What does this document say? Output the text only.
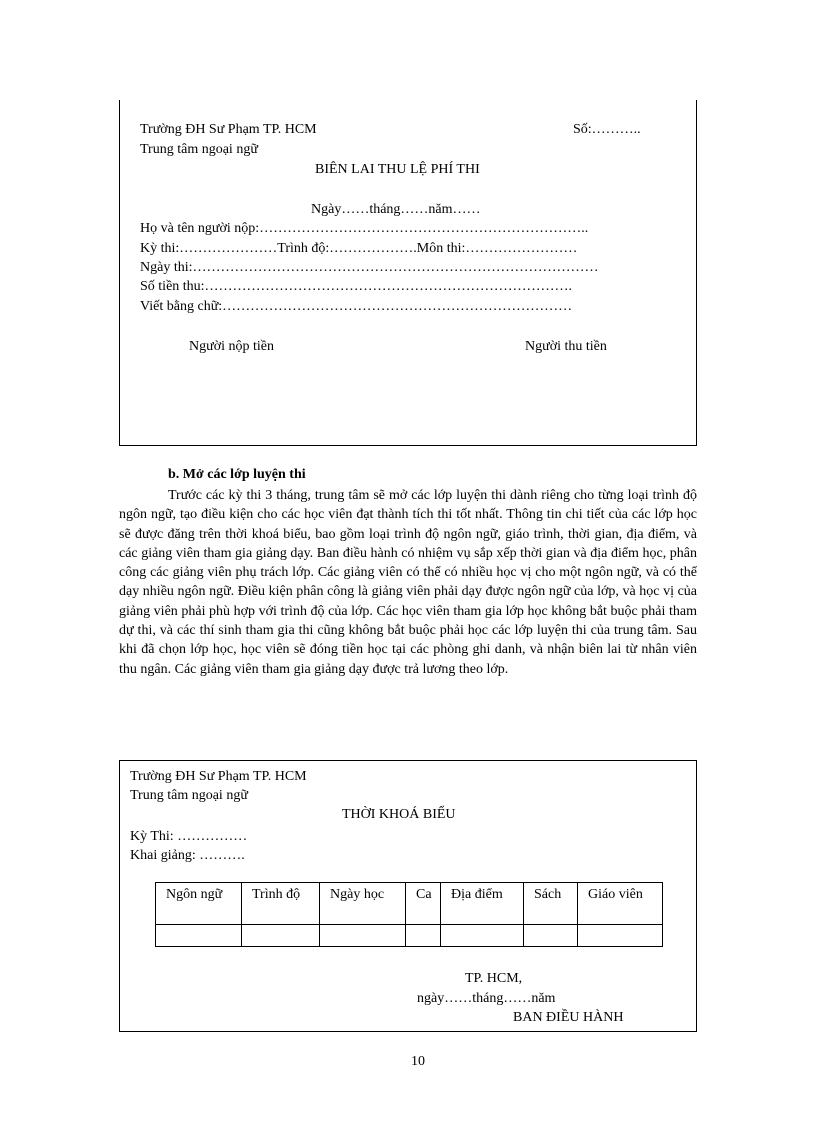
Trường ĐH Sư Phạm TP. HCM	Số:………..
Trung tâm ngoại ngữ
BIÊN LAI THU LỆ PHÍ THI
Ngày……tháng……năm……
Họ và tên người nộp:……………………………………………………………..
Kỳ thi:…………………Trình độ:……………….Môn thi:……………………
Ngày thi:……………………………………………………………………………
Số tiền thu:…………………………………………………………………….
Viết bằng chữ:…………………………………………………………………
Người nộp tiền	Người thu tiền
b. Mở các lớp luyện thi

Trước các kỳ thi 3 tháng, trung tâm sẽ mở các lớp luyện thi dành riêng cho từng loại trình độ ngôn ngữ, tạo điều kiện cho các học viên đạt thành tích thi tốt nhất. Thông tin chi tiết của các lớp học sẽ được đăng trên thời khoá biểu, bao gồm loại trình độ ngôn ngữ, giáo trình, thời gian, địa điểm, và các giảng viên tham gia giảng dạy. Ban điều hành có nhiệm vụ sắp xếp thời gian và địa điểm học, phân công các giảng viên phụ trách lớp. Các giảng viên có thể có nhiều học vị cho một ngôn ngữ, và có thể dạy nhiều ngôn ngữ. Điều kiện phân công là giảng viên phải dạy được ngôn ngữ của lớp, và học vị của giảng viên phải phù hợp với trình độ của lớp. Các học viên tham gia lớp học không bắt buộc phải tham dự thi, và các thí sinh tham gia thi cũng không bắt buộc phải học các lớp luyện thi của trung tâm. Sau khi đã chọn lớp học, học viên sẽ đóng tiền học tại các phòng ghi danh, và nhận biên lai từ nhân viên thu ngân. Các giảng viên tham gia giảng dạy được trả lương theo lớp.

Trường ĐH Sư Phạm TP. HCM
Trung tâm ngoại ngữ
THỜI KHOÁ BIỂU
Kỳ Thi: ……………
Khai giảng: ……….
Ngôn ngữ	Trình độ	Ngày học	Ca	Địa điểm	Sách	Giáo viên

TP. HCM,
ngày……tháng……năm
BAN ĐIỀU HÀNH
10
